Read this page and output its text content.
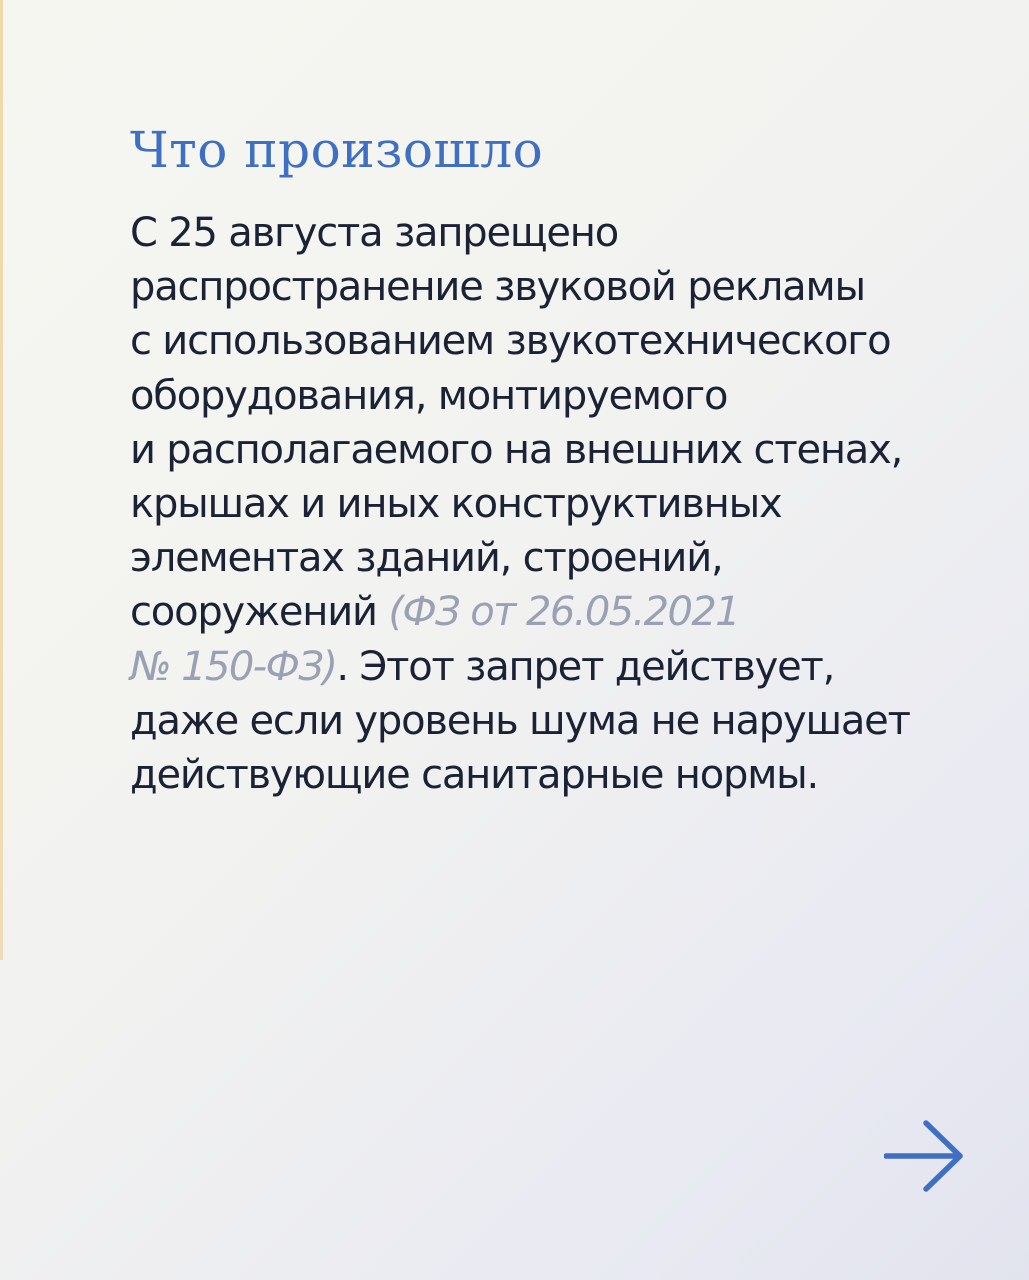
Что произошло

С 25 августа запрещено
распространение звуковой рекламы
с использованием звукотехнического
оборудования, монтируемого
и располагаемого на внешних стенах,
крышах и иных конструктивных
элементах зданий, строений,
сооружений (ФЗ от 26.05.2021
№ 150-ФЗ). Этот запрет действует,
даже если уровень шума не нарушает
действующие санитарные нормы.
